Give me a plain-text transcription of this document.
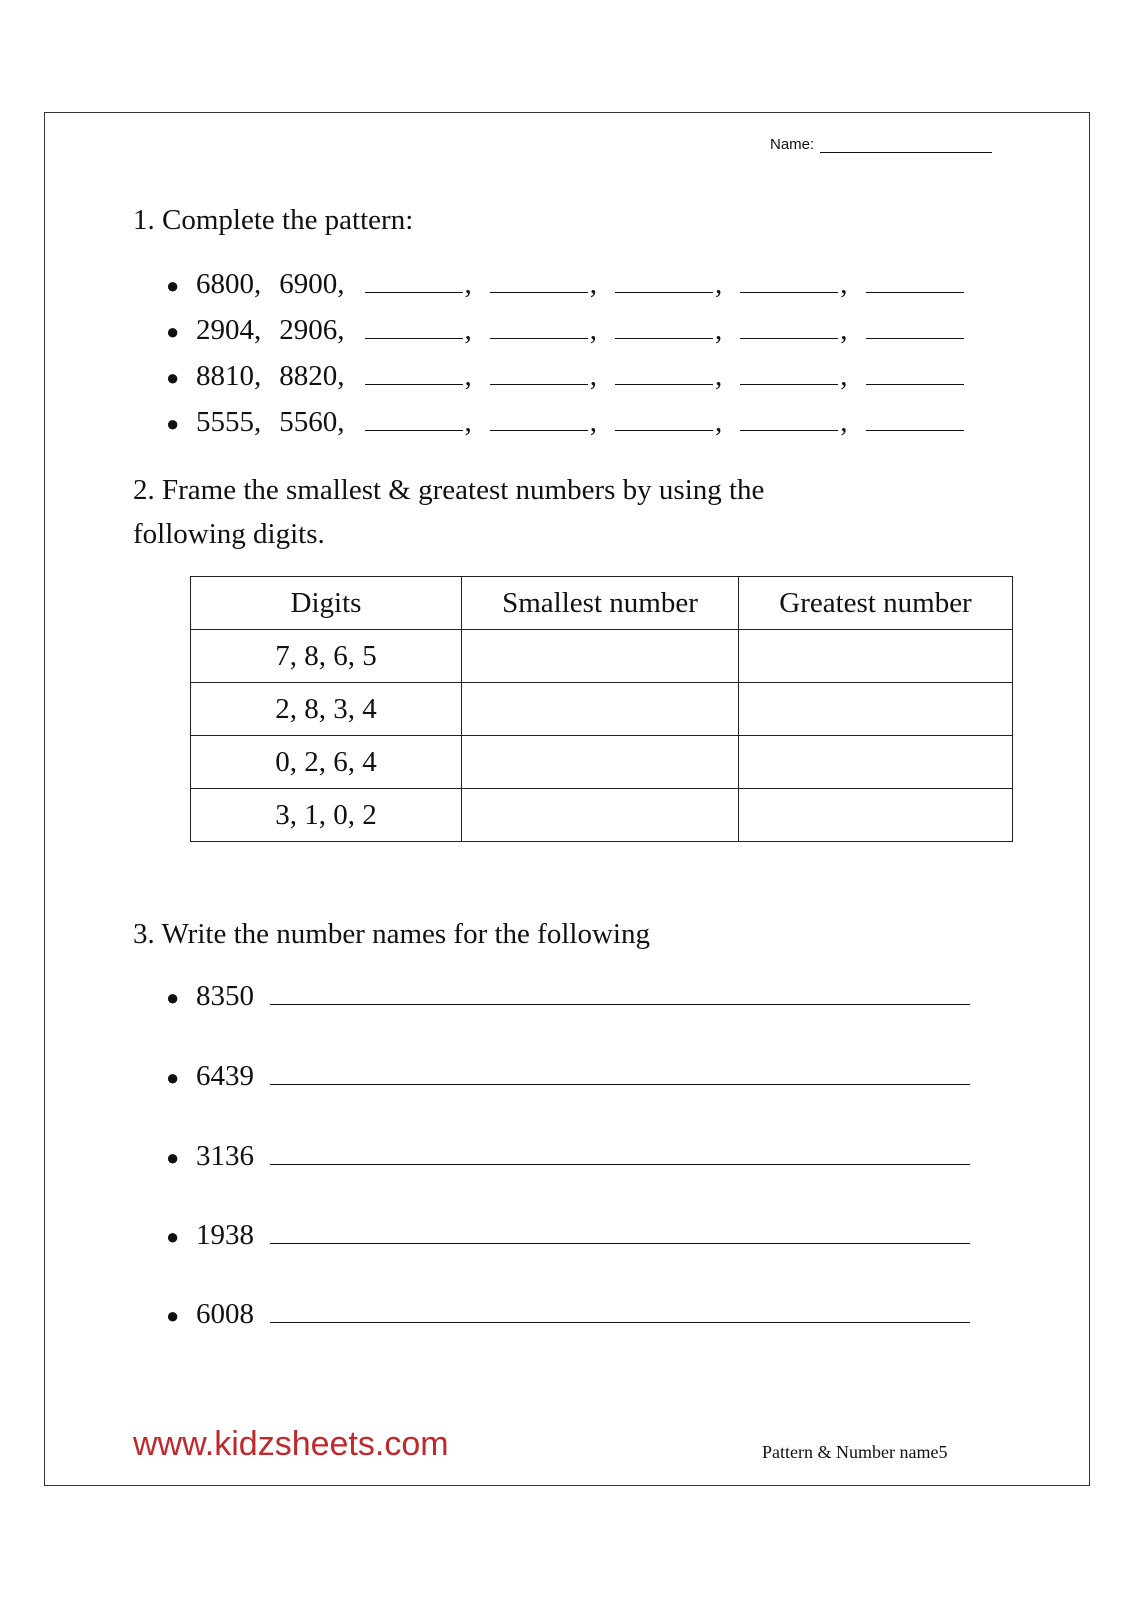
Name:
1. Complete the pattern:
● 6800, 6900,	,	,	,	,
● 2904, 2906,	,	,	,	,
● 8810, 8820,	,	,	,	,
● 5555, 5560,	,	,	,	,
2. Frame the smallest & greatest numbers by using the
following digits.
Digits	Smallest number	Greatest number
7, 8, 6, 5		
2, 8, 3, 4		
0, 2, 6, 4		
3, 1, 0, 2		
3. Write the number names for the following
● 8350
● 6439
● 3136
● 1938
● 6008
www.kidzsheets.com	Pattern & Number name5
